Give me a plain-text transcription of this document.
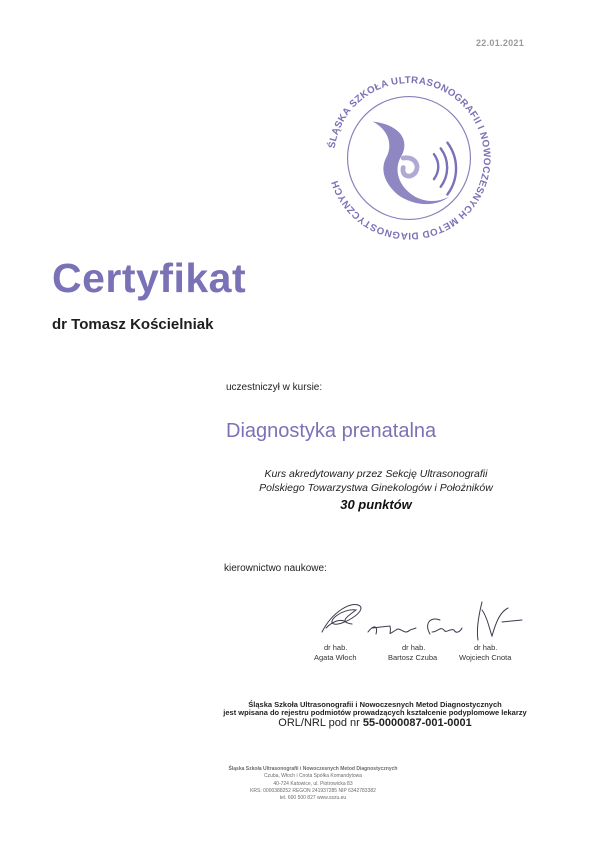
22.01.2021
ŚLĄSKA SZKOŁA ULTRASONOGRAFII I NOWOCZESNYCH METOD DIAGNOSTYCZNYCH
Certyfikat
dr Tomasz Kościelniak
uczestniczył w kursie:
Diagnostyka prenatalna
Kurs akredytowany przez Sekcję Ultrasonografii
Polskiego Towarzystwa Ginekologów i Położników
30 punktów
kierownictwo naukowe:
dr hab.
Agata Włoch
dr hab.
Bartosz Czuba
dr hab.
Wojciech Cnota
Śląska Szkoła Ultrasonografii i Nowoczesnych Metod Diagnostycznych
jest wpisana do rejestru podmiotów prowadzących kształcenie podyplomowe lekarzy
ORL/NRL pod nr 55-0000087-001-0001
Śląska Szkoła Ultrasonografii i Nowoczesnych Metod Diagnostycznych
Czuba, Włoch i Cnota Spółka Komandytowa
40-724 Katowice, ul. Piotrowicka 83
KRS: 0000388252 REGON 241937285 NIP 6342783382
tel. 600 500 827 www.sszu.eu
